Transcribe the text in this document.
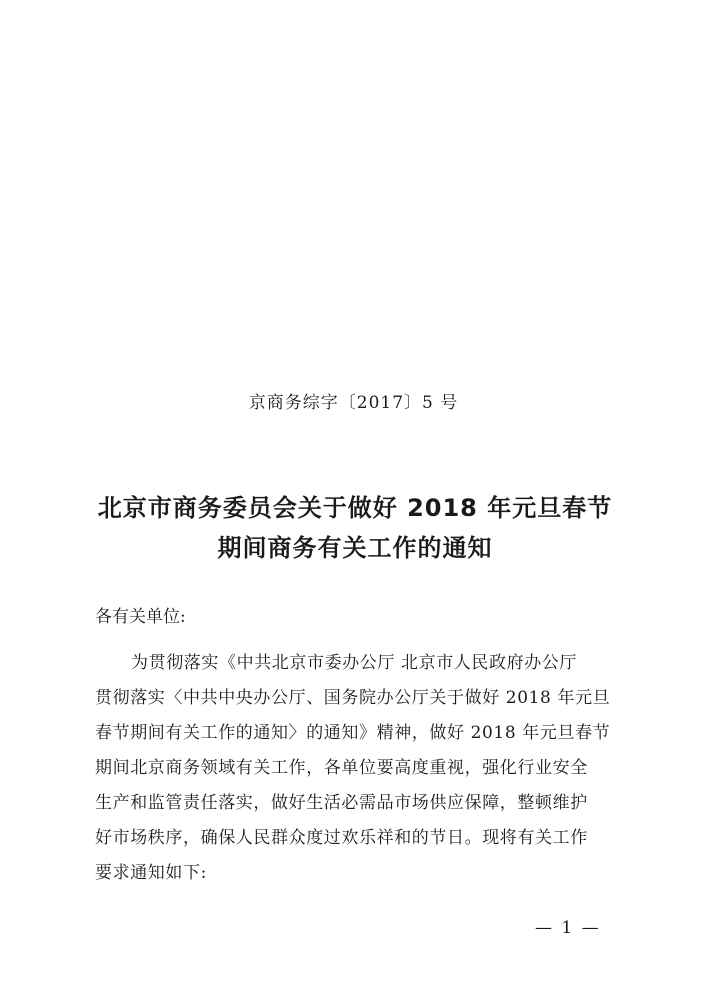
京商务综字〔2017〕5 号
北京市商务委员会关于做好 2018 年元旦春节
期间商务有关工作的通知
各有关单位:
为贯彻落实《中共北京市委办公厅 北京市人民政府办公厅
贯彻落实〈中共中央办公厅、国务院办公厅关于做好 2018 年元旦
春节期间有关工作的通知〉的通知》精神，做好 2018 年元旦春节
期间北京商务领域有关工作，各单位要高度重视，强化行业安全
生产和监管责任落实，做好生活必需品市场供应保障，整顿维护
好市场秩序，确保人民群众度过欢乐祥和的节日。现将有关工作
要求通知如下:
— 1 —
